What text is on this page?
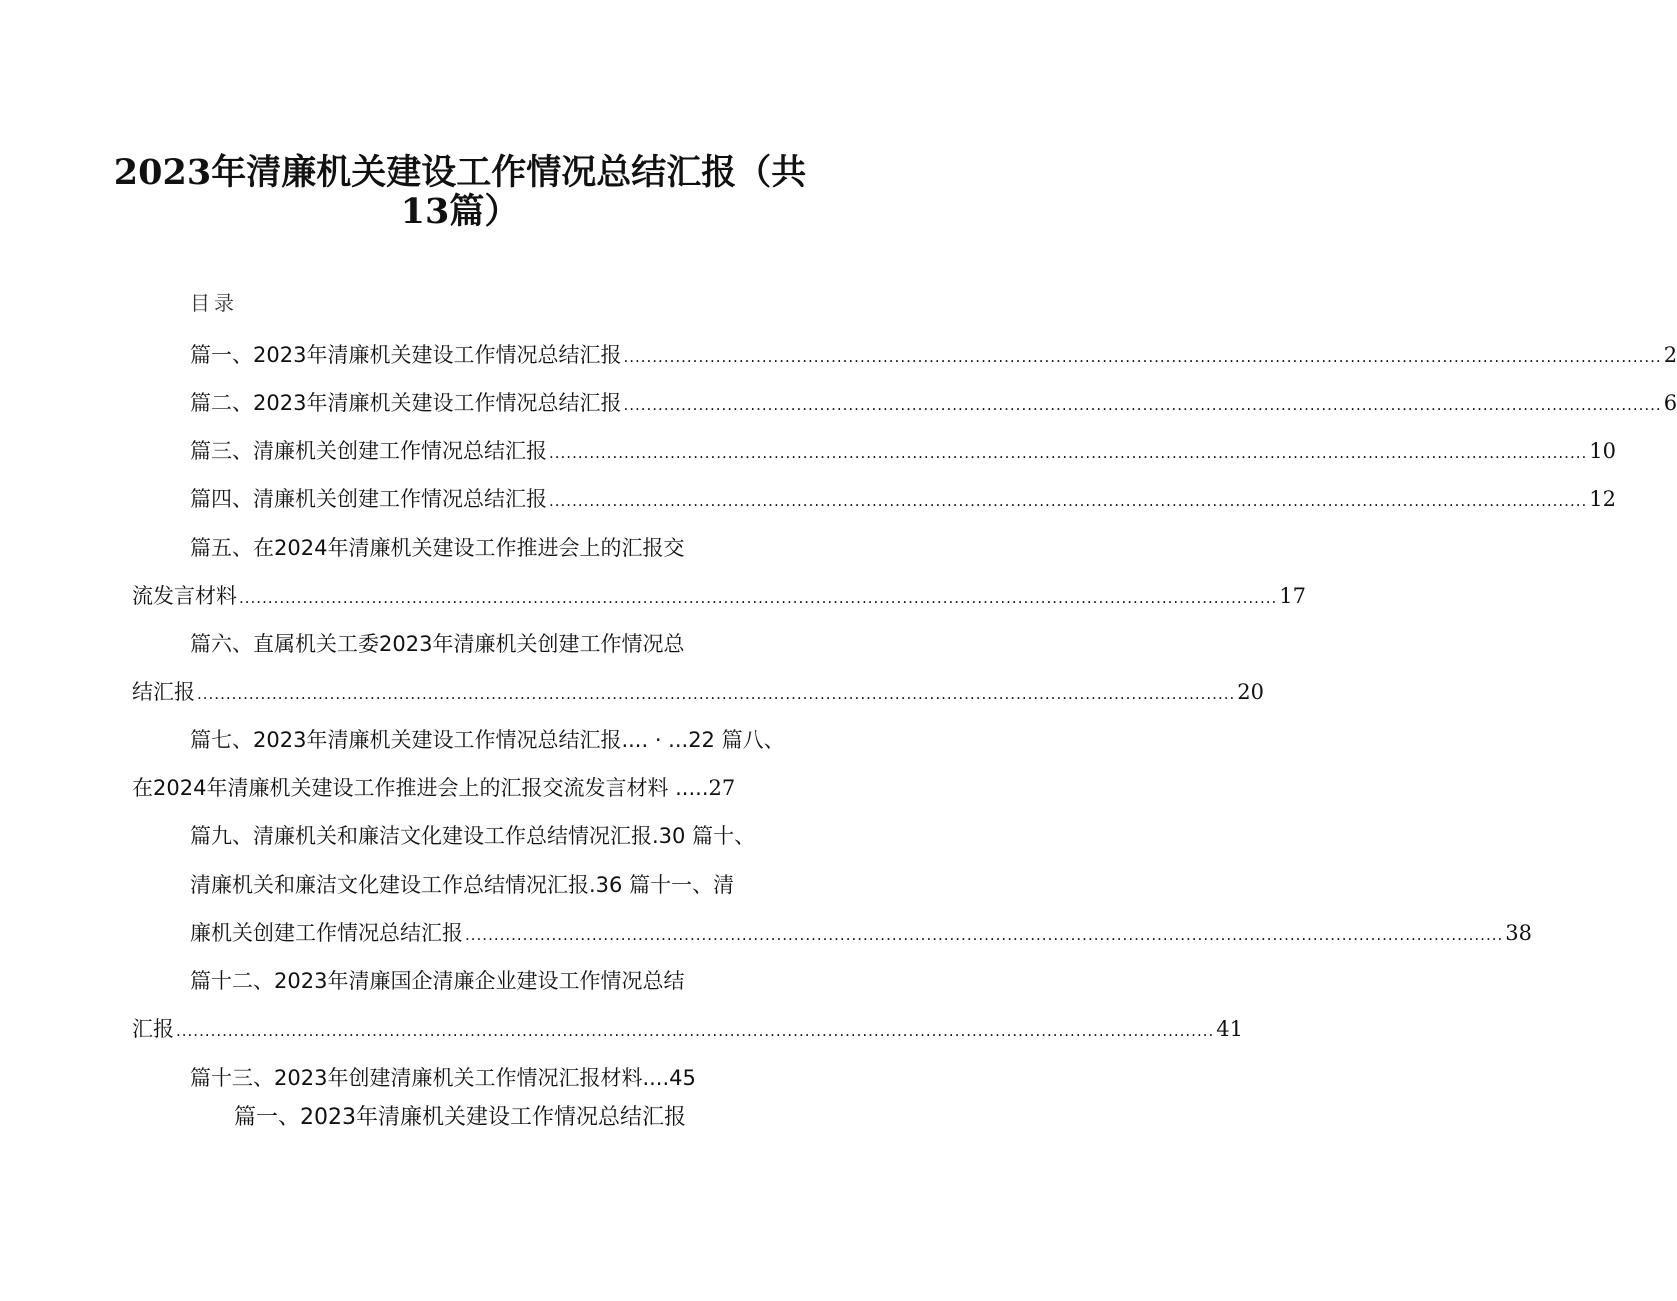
2023年清廉机关建设工作情况总结汇报（共
13篇）
目录
篇一、2023年清廉机关建设工作情况总结汇报 .................................................................................................................................................................................... 2
篇二、2023年清廉机关建设工作情况总结汇报 .................................................................................................................................................................................... 6
篇三、清廉机关创建工作情况总结汇报 .................................................................................................................................................................................... 10
篇四、清廉机关创建工作情况总结汇报 .................................................................................................................................................................................... 12
篇五、在2024年清廉机关建设工作推进会上的汇报交
流发言材料 .................................................................................................................................................................................... 17
篇六、直属机关工委2023年清廉机关创建工作情况总
结汇报 .................................................................................................................................................................................... 20
篇七、2023年清廉机关建设工作情况总结汇报.... · ...22 篇八、
在2024年清廉机关建设工作推进会上的汇报交流发言材料 ..... 27
篇九、清廉机关和廉洁文化建设工作总结情况汇报.30 篇十、
清廉机关和廉洁文化建设工作总结情况汇报.36 篇十一、清
廉机关创建工作情况总结汇报 .................................................................................................................................................................................... 38
篇十二、2023年清廉国企清廉企业建设工作情况总结
汇报 .................................................................................................................................................................................... 41
篇十三、2023年创建清廉机关工作情况汇报材料....45
篇一、2023年清廉机关建设工作情况总结汇报
